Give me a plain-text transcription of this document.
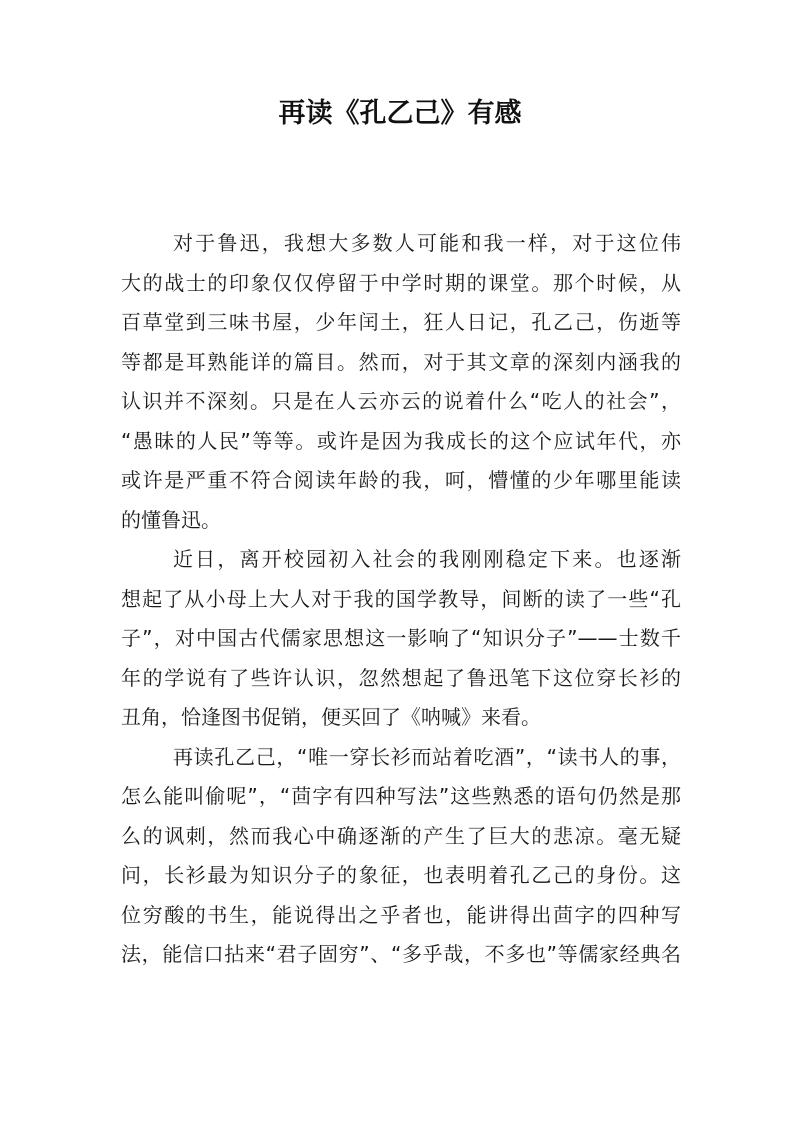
再读《孔乙己》有感
对于鲁迅，我想大多数人可能和我一样，对于这位伟
大的战士的印象仅仅停留于中学时期的课堂。那个时候，从
百草堂到三味书屋，少年闰土，狂人日记，孔乙己，伤逝等
等都是耳熟能详的篇目。然而，对于其文章的深刻内涵我的
认识并不深刻。只是在人云亦云的说着什么“吃人的社会”，
“愚昧的人民”等等。或许是因为我成长的这个应试年代，亦
或许是严重不符合阅读年龄的我，呵，懵懂的少年哪里能读
的懂鲁迅。
近日，离开校园初入社会的我刚刚稳定下来。也逐渐
想起了从小母上大人对于我的国学教导，间断的读了一些“孔
子”，对中国古代儒家思想这一影响了“知识分子”——士数千
年的学说有了些许认识，忽然想起了鲁迅笔下这位穿长衫的
丑角，恰逢图书促销，便买回了《呐喊》来看。
再读孔乙己，“唯一穿长衫而站着吃酒”，“读书人的事，
怎么能叫偷呢”，“茴字有四种写法”这些熟悉的语句仍然是那
么的讽刺，然而我心中确逐渐的产生了巨大的悲凉。毫无疑
问，长衫最为知识分子的象征，也表明着孔乙己的身份。这
位穷酸的书生，能说得出之乎者也，能讲得出茴字的四种写
法，能信口拈来“君子固穷”、“多乎哉，不多也”等儒家经典名
